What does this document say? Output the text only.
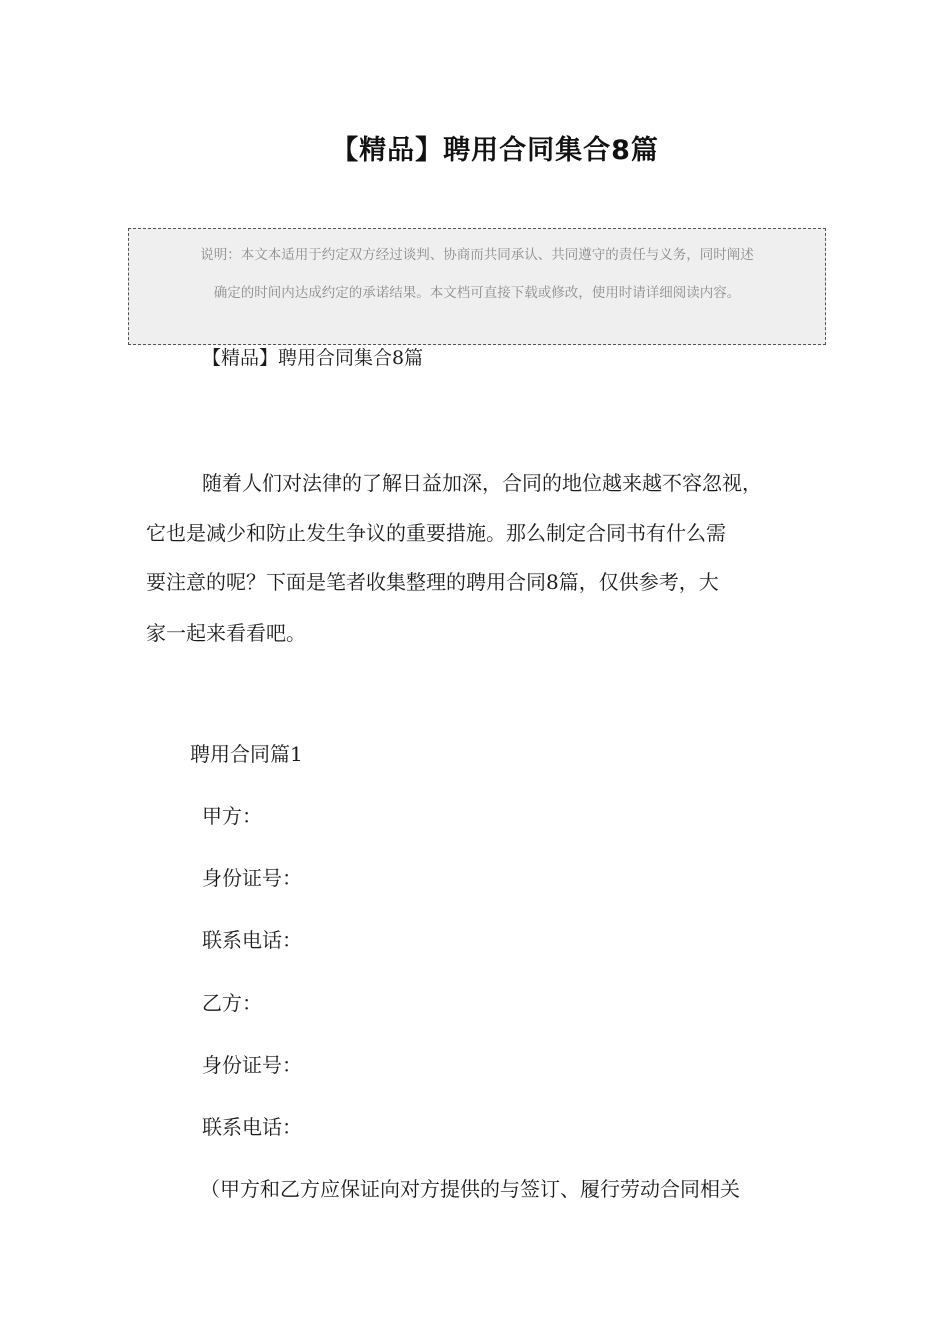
【精品】聘用合同集合8篇
说明：本文本适用于约定双方经过谈判、协商而共同承认、共同遵守的责任与义务，同时阐述
确定的时间内达成约定的承诺结果。本文档可直接下载或修改，使用时请详细阅读内容。
【精品】聘用合同集合8篇
随着人们对法律的了解日益加深，合同的地位越来越不容忽视，
它也是减少和防止发生争议的重要措施。那么制定合同书有什么需
要注意的呢？下面是笔者收集整理的聘用合同8篇，仅供参考，大
家一起来看看吧。
聘用合同篇1
甲方：
身份证号：
联系电话：
乙方：
身份证号：
联系电话：
（甲方和乙方应保证向对方提供的与签订、履行劳动合同相关
